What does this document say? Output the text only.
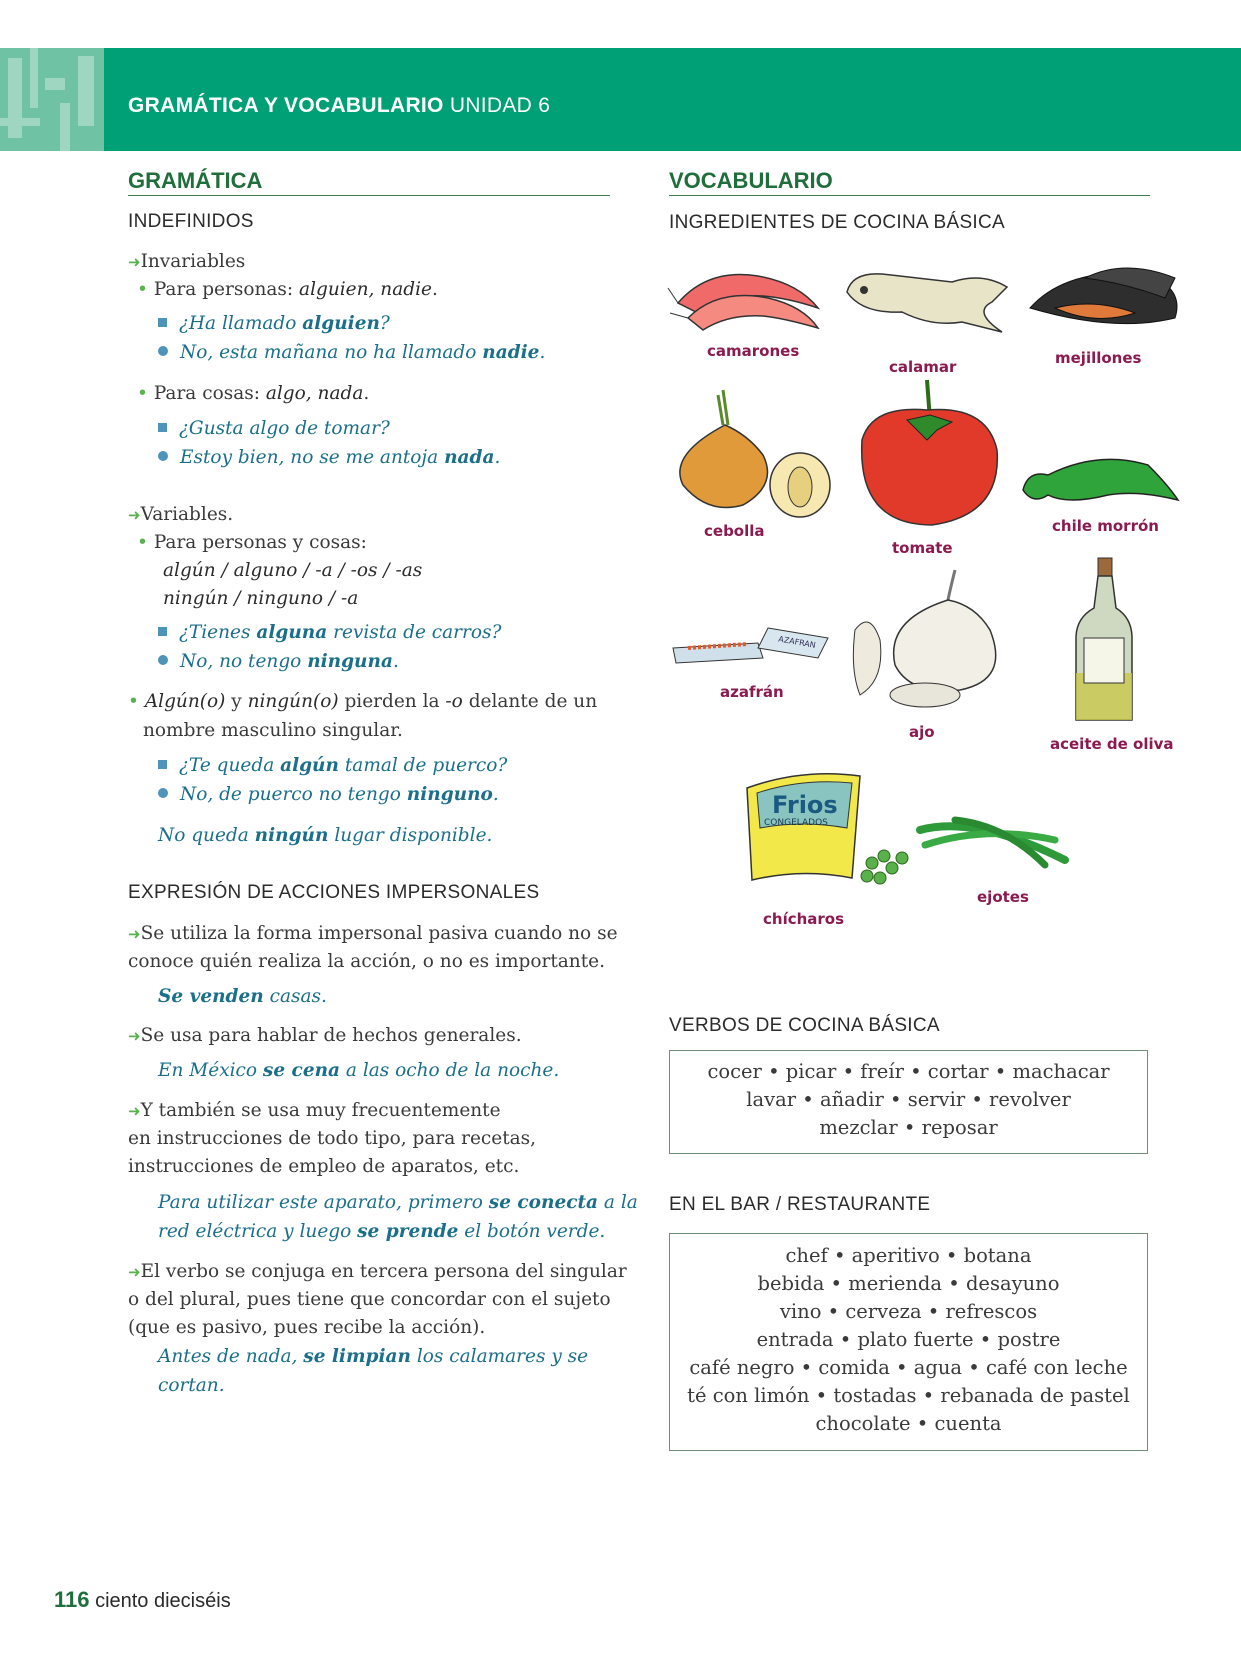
GRAMÁTICA Y VOCABULARIO UNIDAD 6
GRAMÁTICA
INDEFINIDOS
➜Invariables
• Para personas: alguien, nadie.
¿Ha llamado alguien?
No, esta mañana no ha llamado nadie.
• Para cosas: algo, nada.
¿Gusta algo de tomar?
Estoy bien, no se me antoja nada.
➜Variables.
• Para personas y cosas:
algún / alguno / -a / -os / -as
ningún / ninguno / -a
¿Tienes alguna revista de carros?
No, no tengo ninguna.
• Algún(o) y ningún(o) pierden la -o delante de un
nombre masculino singular.
¿Te queda algún tamal de puerco?
No, de puerco no tengo ninguno.
No queda ningún lugar disponible.
EXPRESIÓN DE ACCIONES IMPERSONALES
➜Se utiliza la forma impersonal pasiva cuando no se
conoce quién realiza la acción, o no es importante.
Se venden casas.
➜Se usa para hablar de hechos generales.
En México se cena a las ocho de la noche.
➜Y también se usa muy frecuentemente
en instrucciones de todo tipo, para recetas,
instrucciones de empleo de aparatos, etc.
Para utilizar este aparato, primero se conecta a la
red eléctrica y luego se prende el botón verde.
➜El verbo se conjuga en tercera persona del singular
o del plural, pues tiene que concordar con el sujeto
(que es pasivo, pues recibe la acción).
Antes de nada, se limpian los calamares y se
cortan.
VOCABULARIO
INGREDIENTES DE COCINA BÁSICA
AZAFRAN
Frios
CONGELADOS
camarones
calamar	mejillones
cebolla
tomate
chile morrón
azafrán
ajo
aceite de oliva
chícharos
ejotes
VERBOS DE COCINA BÁSICA
cocer • picar • freír • cortar • machacar
lavar • añadir • servir • revolver
mezclar • reposar
EN EL BAR / RESTAURANTE
chef • aperitivo • botana
bebida • merienda • desayuno
vino • cerveza • refrescos
entrada • plato fuerte • postre
café negro • comida • agua • café con leche
té con limón • tostadas • rebanada de pastel
chocolate • cuenta
116 ciento dieciséis
